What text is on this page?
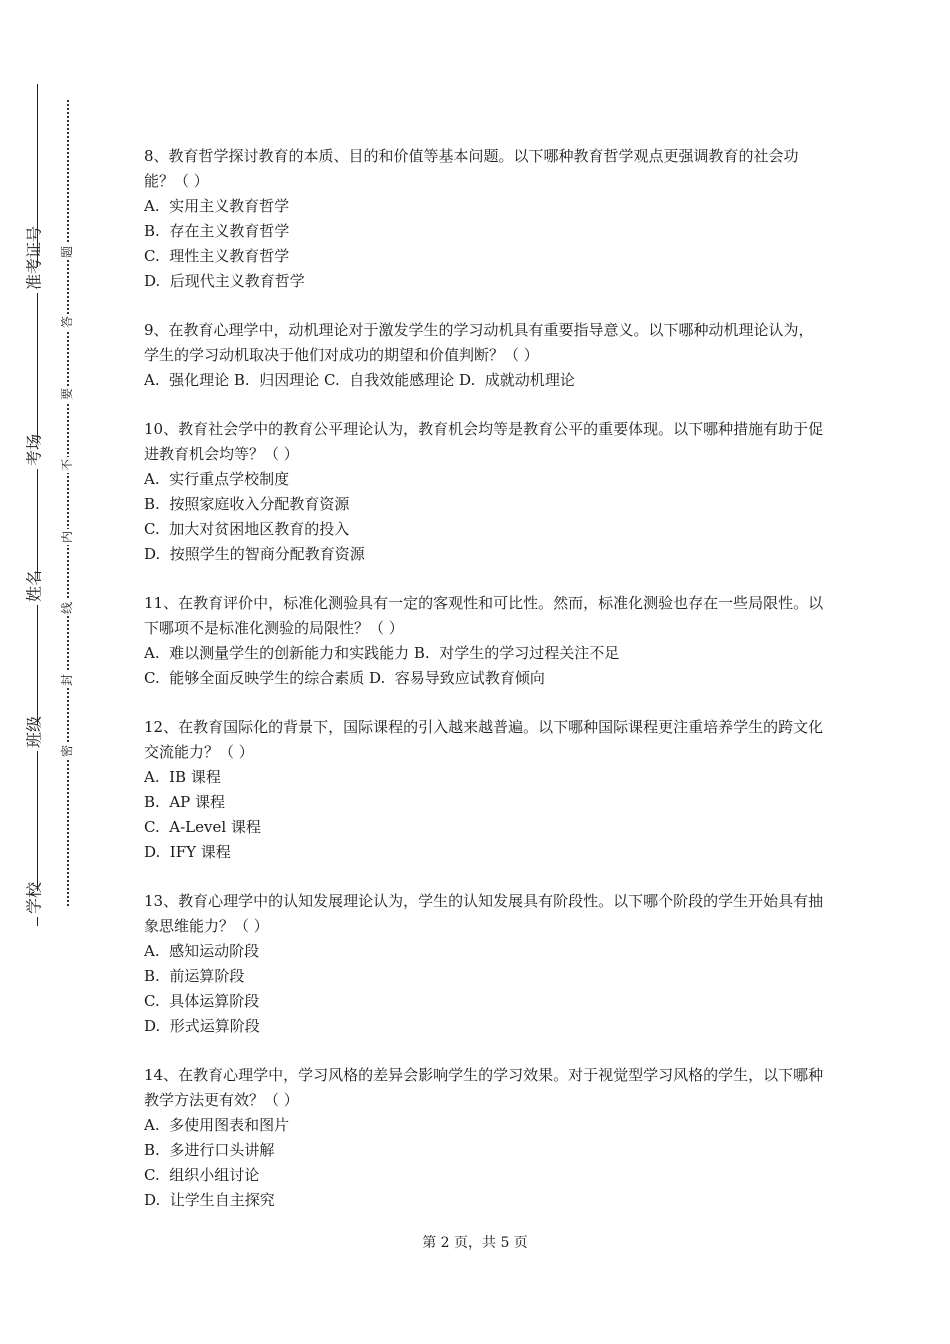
准考证号
考场
姓名
班级
学校
题
答
要
不
内
线
封
密

8、教育哲学探讨教育的本质、目的和价值等基本问题。以下哪种教育哲学观点更强调教育的社会功能？（ ）

A.  实用主义教育哲学

B.  存在主义教育哲学

C.  理性主义教育哲学

D.  后现代主义教育哲学

9、在教育心理学中，动机理论对于激发学生的学习动机具有重要指导意义。以下哪种动机理论认为，学生的学习动机取决于他们对成功的期望和价值判断？（ ）

A.  强化理论 B.  归因理论 C.  自我效能感理论 D.  成就动机理论

10、教育社会学中的教育公平理论认为，教育机会均等是教育公平的重要体现。以下哪种措施有助于促进教育机会均等？（ ）

A.  实行重点学校制度

B.  按照家庭收入分配教育资源

C.  加大对贫困地区教育的投入

D.  按照学生的智商分配教育资源

11、在教育评价中，标准化测验具有一定的客观性和可比性。然而，标准化测验也存在一些局限性。以下哪项不是标准化测验的局限性？（ ）

A.  难以测量学生的创新能力和实践能力 B.  对学生的学习过程关注不足

C.  能够全面反映学生的综合素质 D.  容易导致应试教育倾向

12、在教育国际化的背景下，国际课程的引入越来越普遍。以下哪种国际课程更注重培养学生的跨文化交流能力？（ ）

A.  IB 课程

B.  AP 课程

C.  A-Level 课程

D.  IFY 课程

13、教育心理学中的认知发展理论认为，学生的认知发展具有阶段性。以下哪个阶段的学生开始具有抽象思维能力？（ ）

A.  感知运动阶段

B.  前运算阶段

C.  具体运算阶段

D.  形式运算阶段

14、在教育心理学中，学习风格的差异会影响学生的学习效果。对于视觉型学习风格的学生，以下哪种教学方法更有效？（ ）

A.  多使用图表和图片

B.  多进行口头讲解

C.  组织小组讨论

D.  让学生自主探究

第 2 页，共 5 页
